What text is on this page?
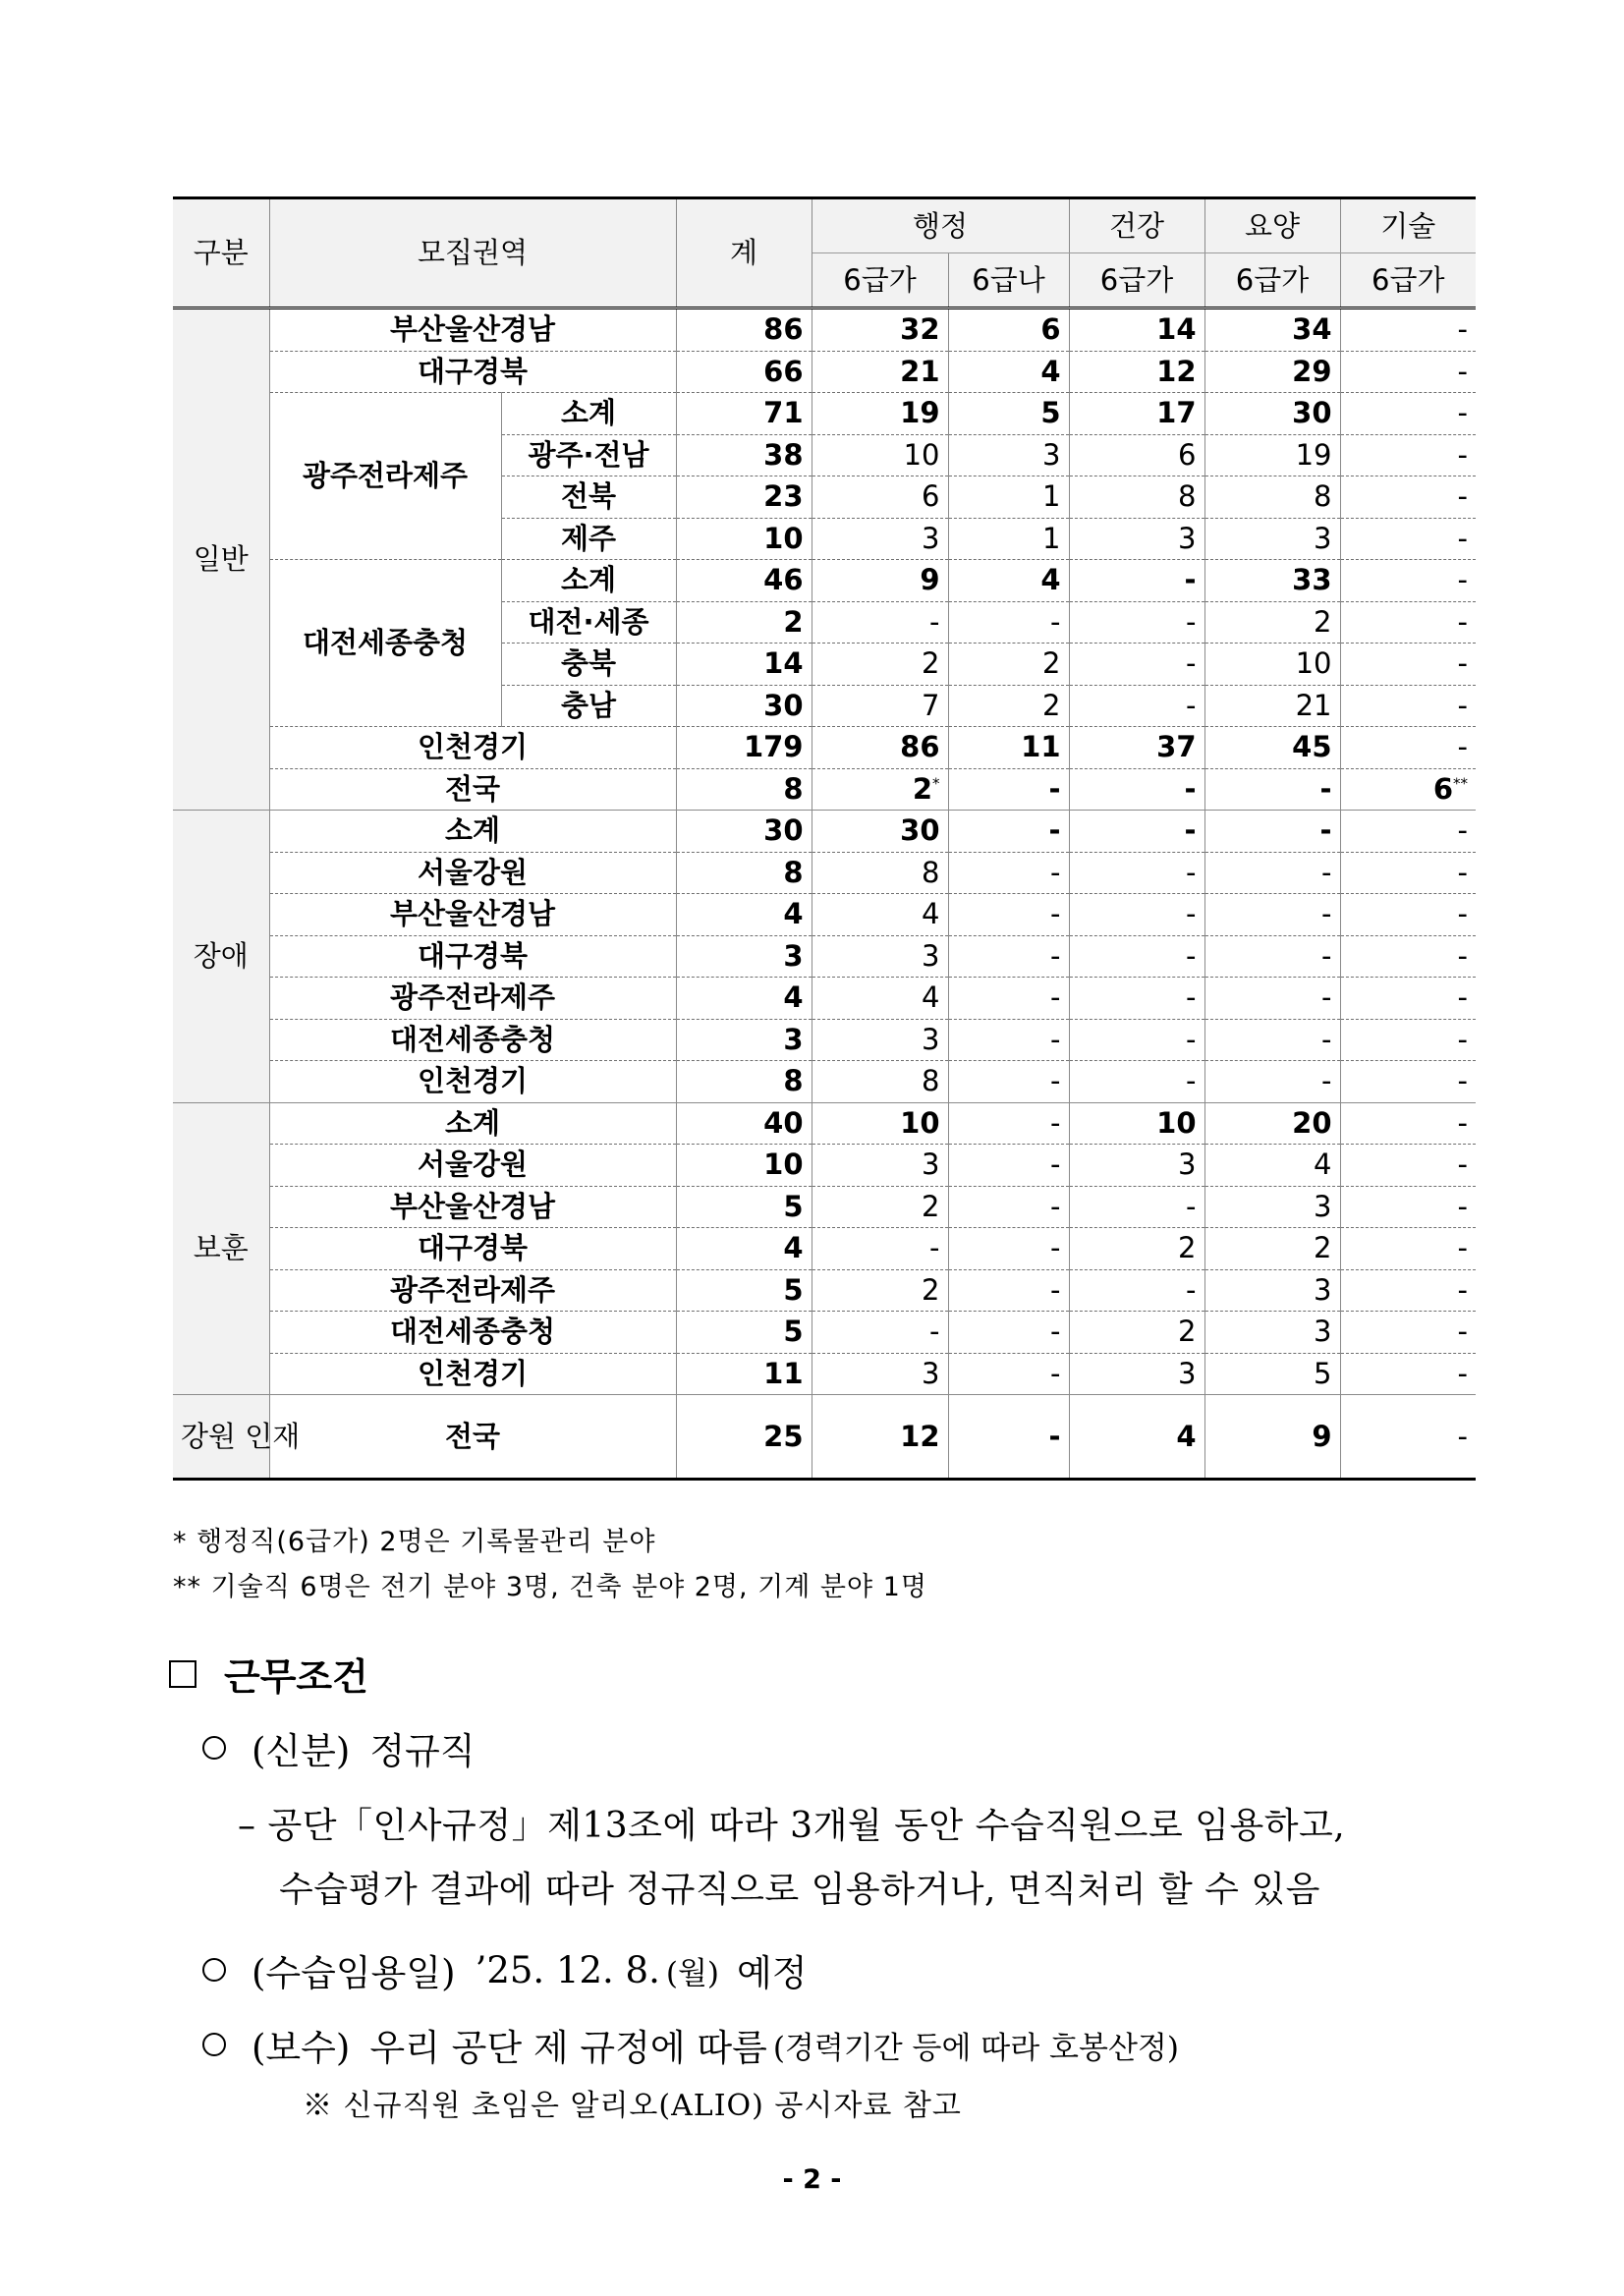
구분	모집권역		계	행정		건강	요양	기술
				6급가	6급나	6급가	6급가	6급가
일반	부산울산경남		86	32	6	14	34	-
	대구경북		66	21	4	12	29	-
	광주전라제주	소계	71	19	5	17	30	-
		광주·전남	38	10	3	6	19	-
		전북	23	6	1	8	8	-
		제주	10	3	1	3	3	-
	대전세종충청	소계	46	9	4	-	33	-
		대전·세종	2	-	-	-	2	-
		충북	14	2	2	-	10	-
		충남	30	7	2	-	21	-
	인천경기		179	86	11	37	45	-
	전국		8	2*	-	-	-	6**
장애	소계		30	30	-	-	-	-
	서울강원		8	8	-	-	-	-
	부산울산경남		4	4	-	-	-	-
	대구경북		3	3	-	-	-	-
	광주전라제주		4	4	-	-	-	-
	대전세종충청		3	3	-	-	-	-
	인천경기		8	8	-	-	-	-
보훈	소계		40	10	-	10	20	-
	서울강원		10	3	-	3	4	-
	부산울산경남		5	2	-	-	3	-
	대구경북		4	-	-	2	2	-
	광주전라제주		5	2	-	-	3	-
	대전세종충청		5	-	-	2	3	-
	인천경기		11	3	-	3	5	-
강원 인재	전국		25	12	-	4	9	-
* 행정직(6급가) 2명은 기록물관리 분야
** 기술직 6명은 전기 분야 3명, 건축 분야 2명, 기계 분야 1명
근무조건
(신분) 정규직
– 공단「인사규정」제13조에 따라 3개월 동안 수습직원으로 임용하고,
수습평가 결과에 따라 정규직으로 임용하거나, 면직처리 할 수 있음
(수습임용일) ’25. 12. 8. (월) 예정
(보수) 우리 공단 제 규정에 따름 (경력기간 등에 따라 호봉산정)
※ 신규직원 초임은 알리오(ALIO) 공시자료 참고
- 2 -
